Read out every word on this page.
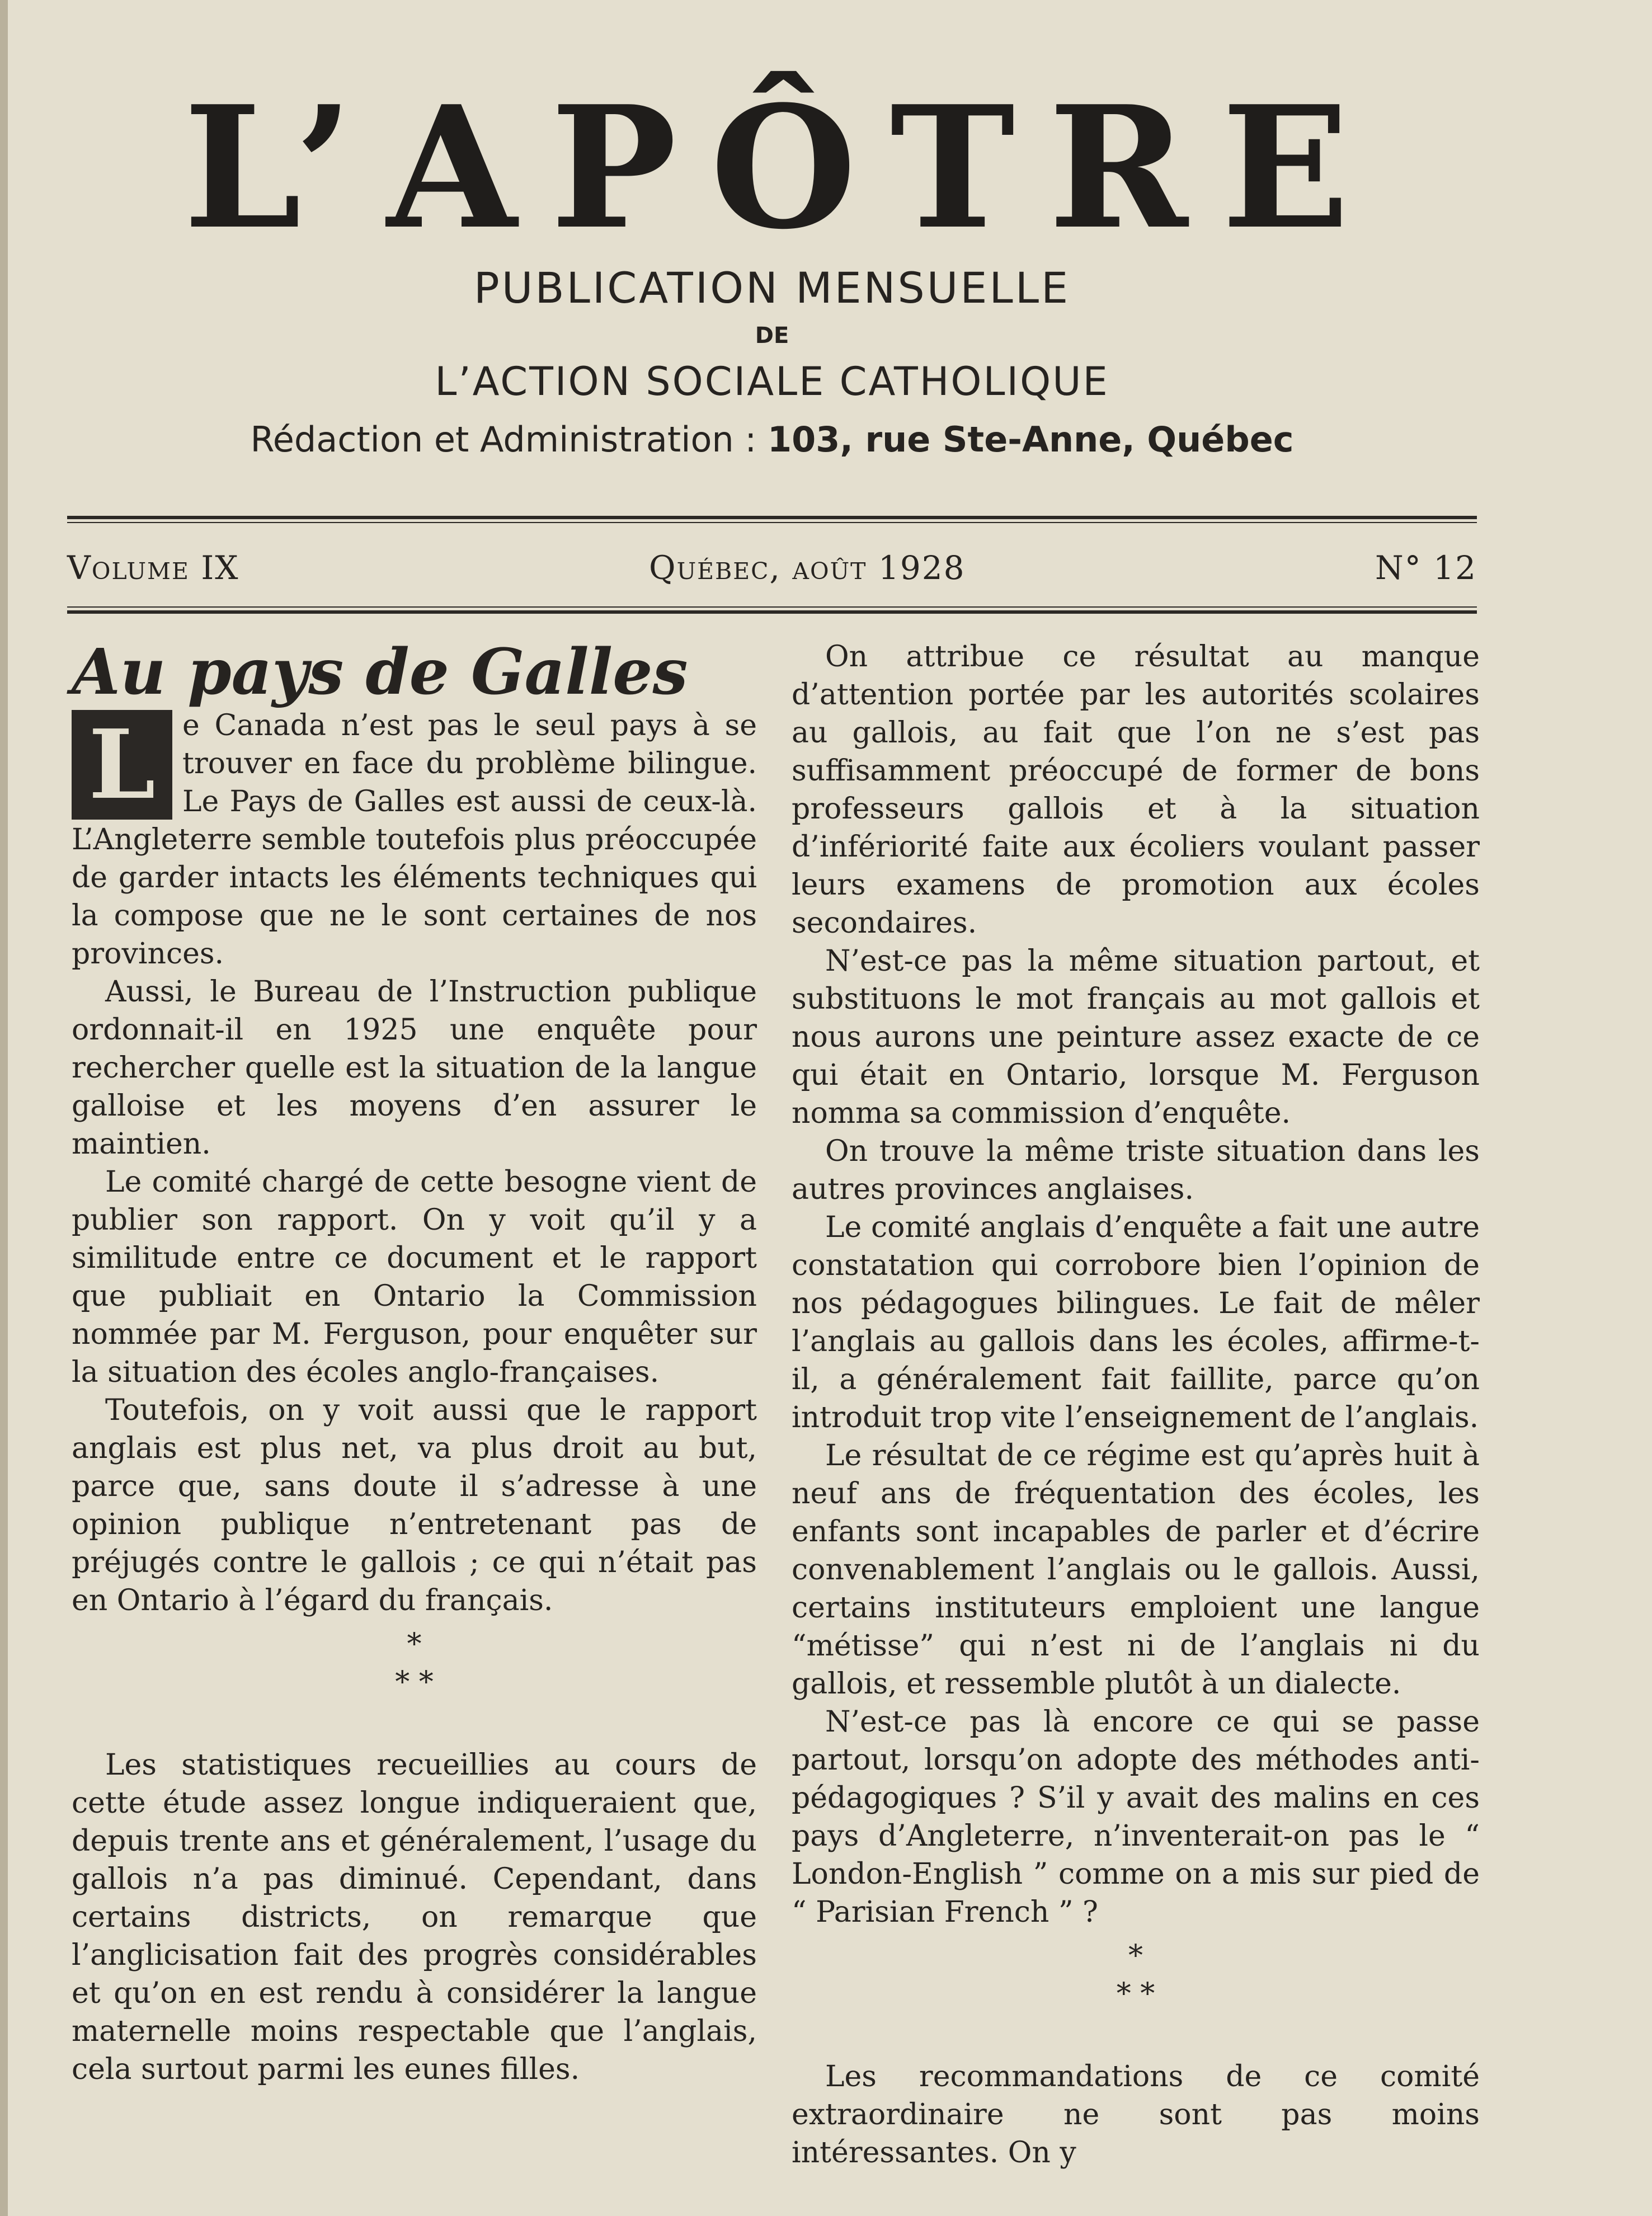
L’APÔTRE

PUBLICATION MENSUELLE

DE

L’ACTION SOCIALE CATHOLIQUE

Rédaction et Administration : 103, rue Ste-Anne, Québec

Volume IX	Québec, août 1928	N° 12

Au pays de Galles

L e Canada n’est pas le seul pays à se trouver en face du problème bilingue. Le Pays de Galles est aussi de ceux-là. L’Angleterre semble toutefois plus préoccupée de garder intacts les éléments techniques qui la compose que ne le sont certaines de nos provinces.

Aussi, le Bureau de l’Instruction publique ordonnait-il en 1925 une enquête pour rechercher quelle est la situation de la langue galloise et les moyens d’en assurer le maintien.

Le comité chargé de cette besogne vient de publier son rapport. On y voit qu’il y a similitude entre ce document et le rapport que publiait en Ontario la Commission nommée par M. Ferguson, pour enquêter sur la situation des écoles anglo-françaises.

Toutefois, on y voit aussi que le rapport anglais est plus net, va plus droit au but, parce que, sans doute il s’adresse à une opinion publique n’entretenant pas de préjugés contre le gallois ; ce qui n’était pas en Ontario à l’égard du français.

*
* *

Les statistiques recueillies au cours de cette étude assez longue indiqueraient que, depuis trente ans et généralement, l’usage du gallois n’a pas diminué. Cependant, dans certains districts, on remarque que l’anglicisation fait des progrès considérables et qu’on en est rendu à considérer la langue maternelle moins respectable que l’anglais, cela surtout parmi les eunes filles.

On attribue ce résultat au manque d’attention portée par les autorités scolaires au gallois, au fait que l’on ne s’est pas suffisamment préoccupé de former de bons professeurs gallois et à la situation d’infériorité faite aux écoliers voulant passer leurs examens de promotion aux écoles secondaires.

N’est-ce pas la même situation partout, et substituons le mot français au mot gallois et nous aurons une peinture assez exacte de ce qui était en Ontario, lorsque M. Ferguson nomma sa commission d’enquête.

On trouve la même triste situation dans les autres provinces anglaises.

Le comité anglais d’enquête a fait une autre constatation qui corrobore bien l’opinion de nos pédagogues bilingues. Le fait de mêler l’anglais au gallois dans les écoles, affirme-t-il, a généralement fait faillite, parce qu’on introduit trop vite l’enseignement de l’anglais.

Le résultat de ce régime est qu’après huit à neuf ans de fréquentation des écoles, les enfants sont incapables de parler et d’écrire convenablement l’anglais ou le gallois. Aussi, certains instituteurs emploient une langue “métisse” qui n’est ni de l’anglais ni du gallois, et ressemble plutôt à un dialecte.

N’est-ce pas là encore ce qui se passe partout, lorsqu’on adopte des méthodes anti-pédagogiques ? S’il y avait des malins en ces pays d’Angleterre, n’inventerait-on pas le “ London-English ” comme on a mis sur pied de “ Parisian French ” ?

*
* *

Les recommandations de ce comité extraordinaire ne sont pas moins intéressantes. On y
